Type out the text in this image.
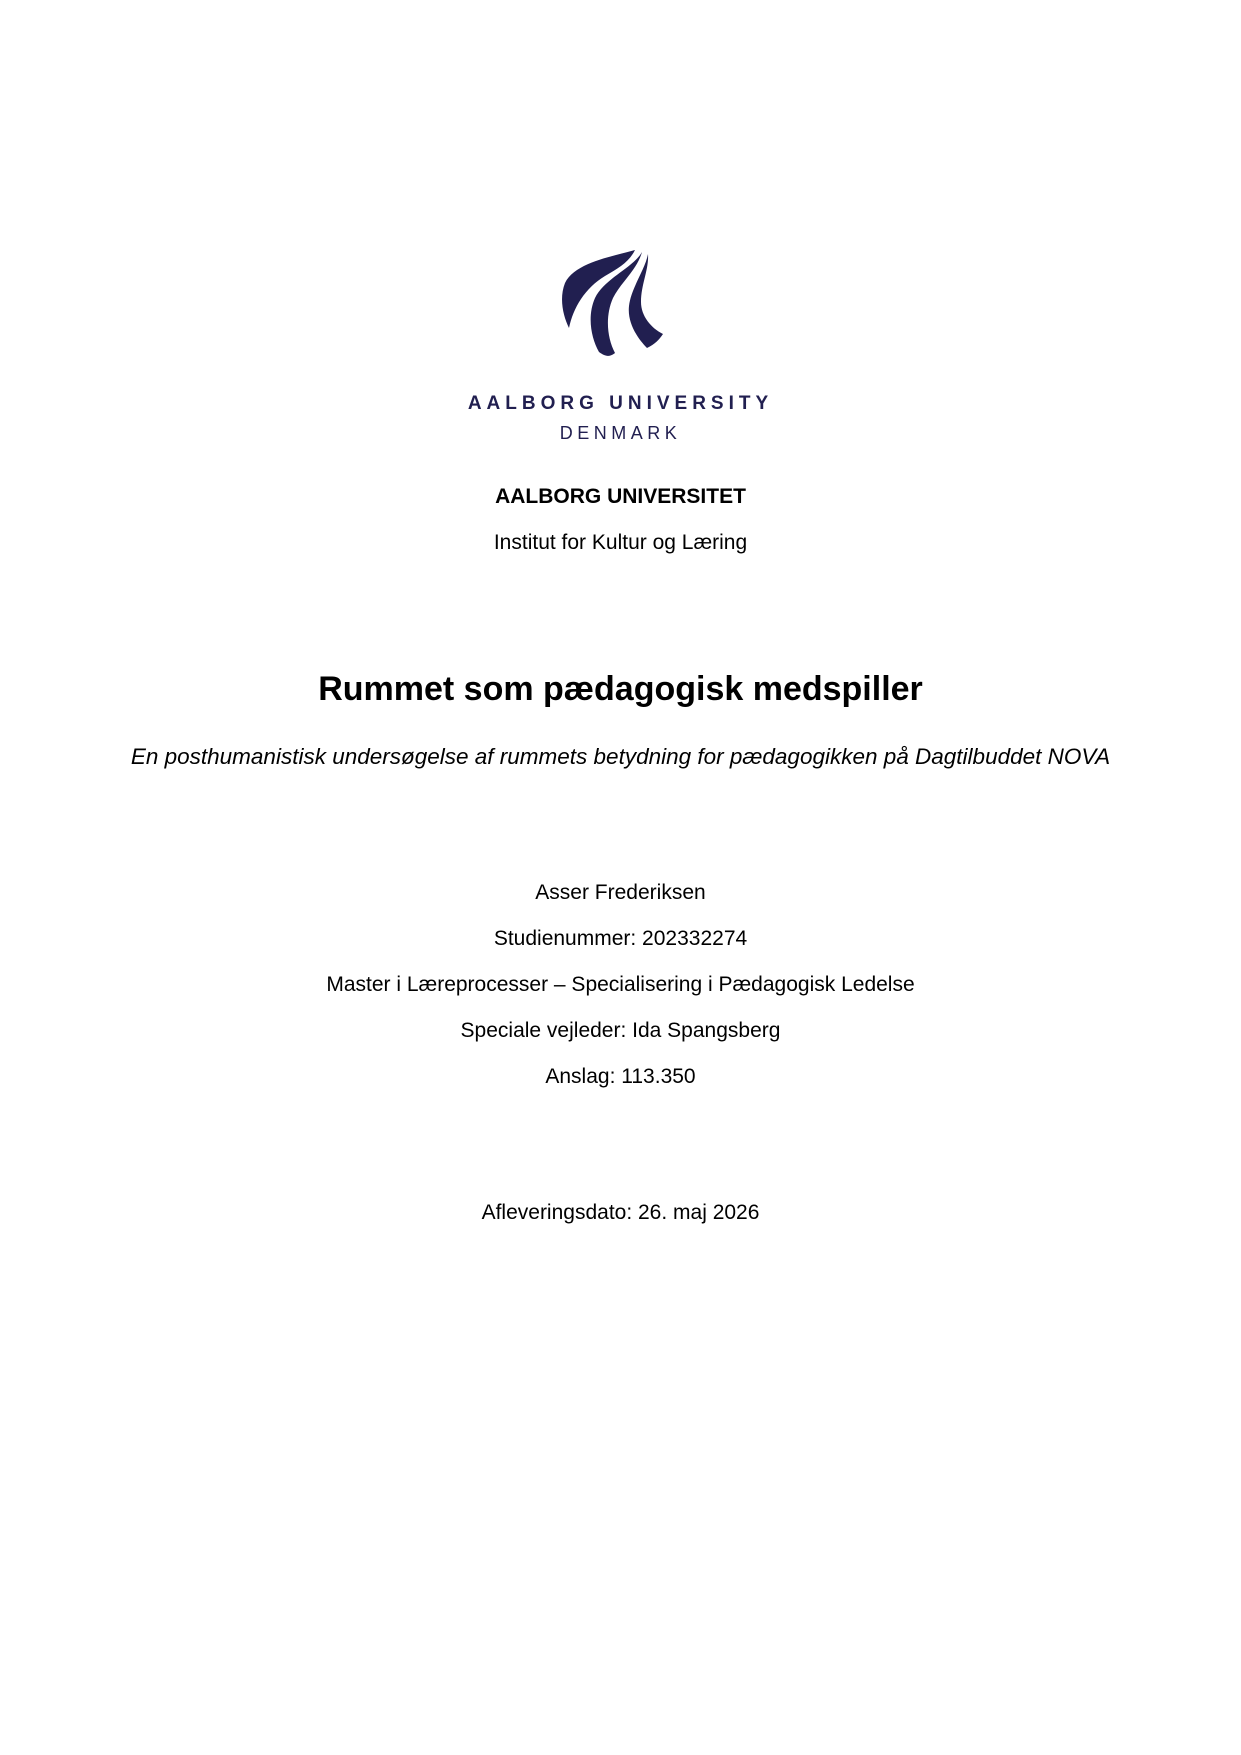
AALBORG UNIVERSITY
DENMARK
AALBORG UNIVERSITET
Institut for Kultur og Læring
Rummet som pædagogisk medspiller
En posthumanistisk undersøgelse af rummets betydning for pædagogikken på Dagtilbuddet NOVA
Asser Frederiksen
Studienummer: 202332274
Master i Læreprocesser – Specialisering i Pædagogisk Ledelse
Speciale vejleder: Ida Spangsberg
Anslag: 113.350
Afleveringsdato: 26. maj 2026
